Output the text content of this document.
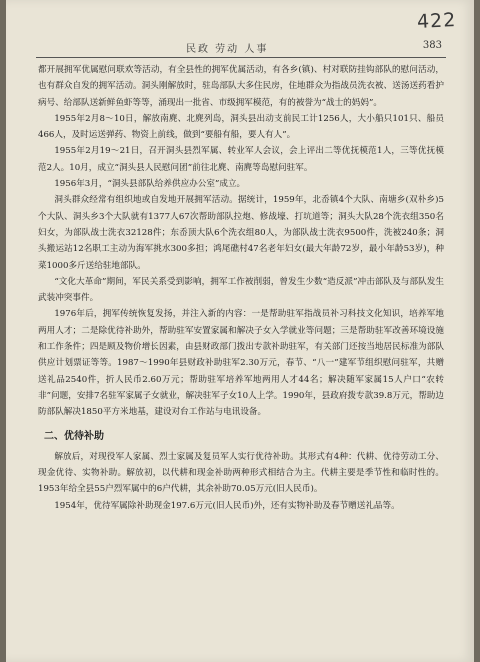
422
民政 劳动 人事	383

都开展拥军优属慰问联欢等活动，有全县性的拥军优属活动，有各乡(镇)、村对联防挂钩部队的慰问活动，也有群众自发的拥军活动。洞头刚解放时，驻岛部队大多住民房，住地群众为指战员洗衣被、送汤送药看护病号、给部队送新鲜鱼虾等等，涌现出一批省、市级拥军模范，有的被誉为“战士的妈妈”。

1955年2月8～10日，解放南麂、北麂列岛，洞头县出动支前民工计1256人，大小船只101只、船员466人，及时运送弹药、物资上前线，做到“要船有船，要人有人”。

1955年2月19～21日，召开洞头县烈军属、转业军人会议，会上评出二等优抚模范1人，三等优抚模范2人。10月，成立“洞头县人民慰问团”前往北麂、南麂等岛慰问驻军。

1956年3月，“洞头县部队给养供应办公室”成立。

洞头群众经常有组织地或自发地开展拥军活动。据统计，1959年，北岙镇4个大队、南塘乡(双朴乡)5个大队、洞头乡3个大队就有1377人67次帮助部队拉炮、修战壕、打坑道等；洞头大队28个洗衣组350名妇女，为部队战士洗衣32128件；东岙顶大队6个洗衣组80人，为部队战士洗衣9500件，洗被240条；洞头搬运站12名职工主动为海军挑水300多担；鸿尾礁村47名老年妇女(最大年龄72岁，最小年龄53岁)，种菜1000多斤送给驻地部队。

“文化大革命”期间，军民关系受到影响，拥军工作被削弱，曾发生少数“造反派”冲击部队及与部队发生武装冲突事件。

1976年后，拥军传统恢复发扬，并注入新的内容：一是帮助驻军指战员补习科技文化知识，培养军地两用人才；二是除优待补助外，帮助驻军安置家属和解决子女入学就业等问题；三是帮助驻军改善环境设施和工作条件；四是顾及物价增长因素，由县财政部门拨出专款补助驻军，有关部门还按当地居民标准为部队供应计划票证等等。1987～1990年县财政补助驻军2.30万元，春节、“八一”建军节组织慰问驻军，共赠送礼品2540件，折人民币2.60万元；帮助驻军培养军地两用人才44名；解决随军家属15人户口“农转非”问题，安排7名驻军家属子女就业，解决驻军子女10人上学。1990年，县政府拨专款39.8万元，帮助边防部队解决1850平方米地基，建设对台工作站与电讯设备。

二、优待补助

解放后，对现役军人家属、烈士家属及复员军人实行优待补助。其形式有4种：代耕、优待劳动工分、现金优待、实物补助。解放初，以代耕和现金补助两种形式相结合为主。代耕主要是季节性和临时性的。1953年给全县55户烈军属中的6户代耕，其余补助70.05万元(旧人民币)。

1954年，优待军属除补助现金197.6万元(旧人民币)外，还有实物补助及春节赠送礼品等。
